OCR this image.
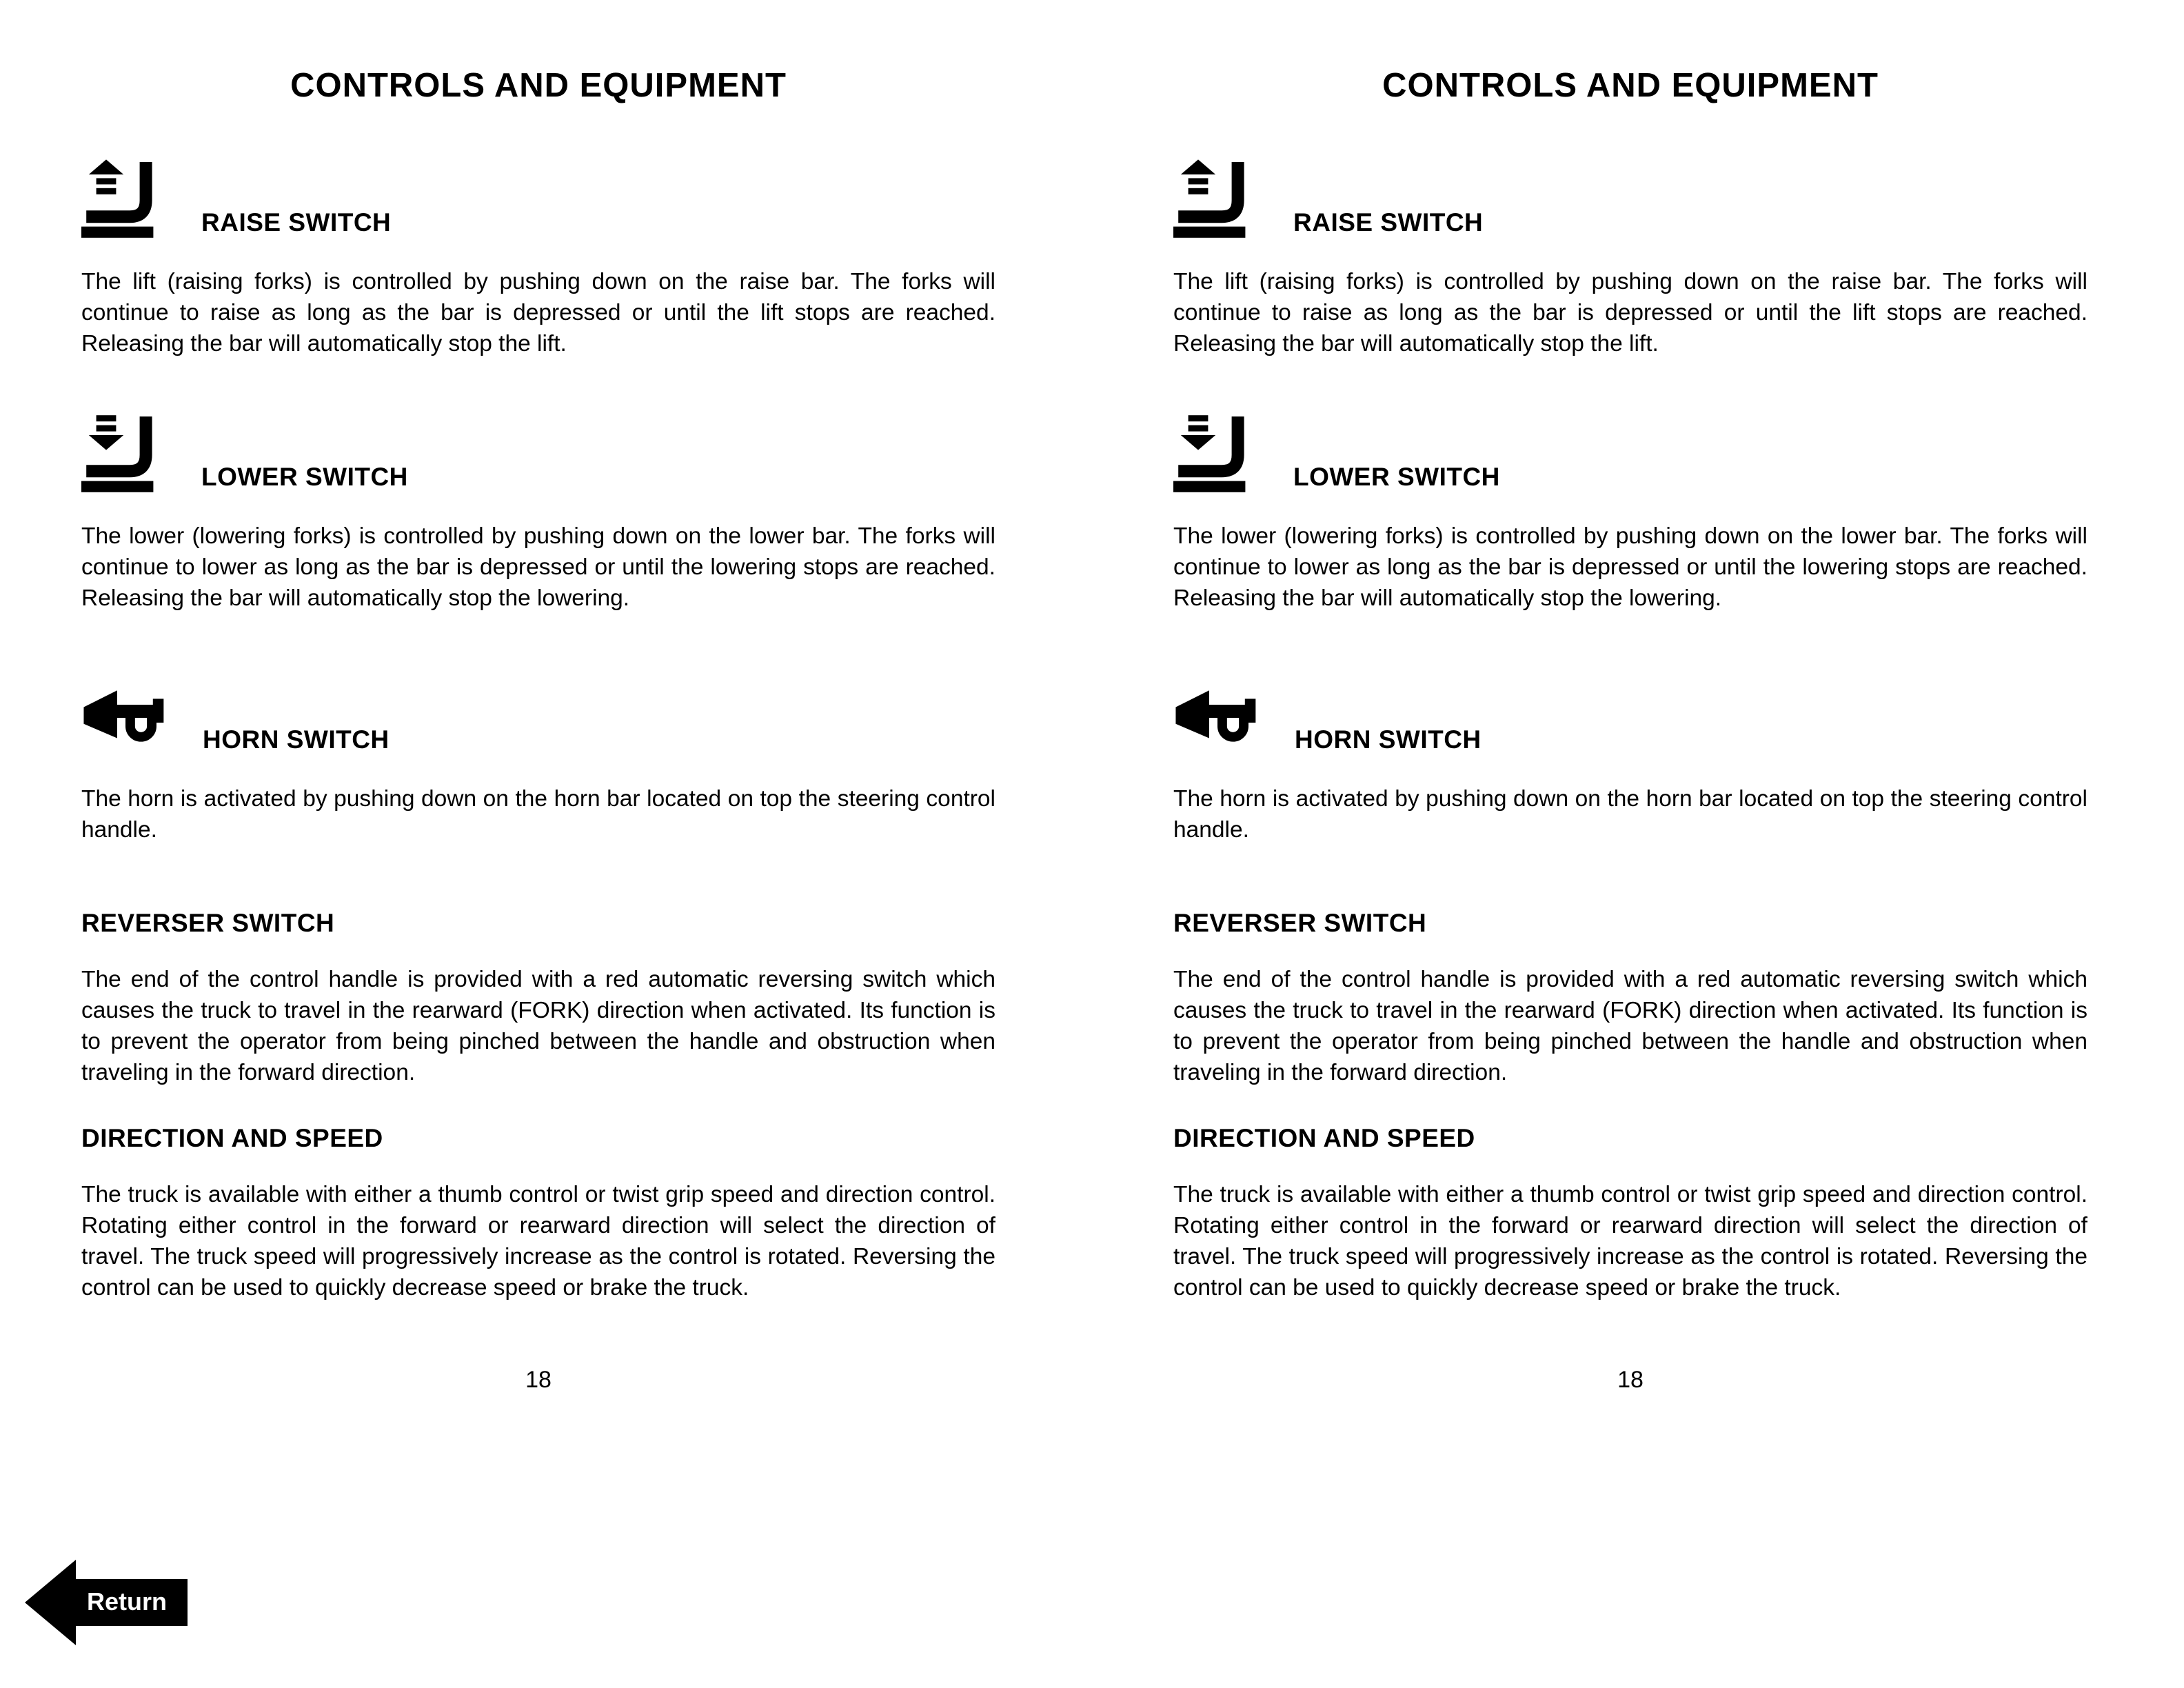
CONTROLS AND EQUIPMENT
RAISE SWITCH

The lift (raising forks) is controlled by pushing down on the raise bar. The forks will continue to raise as long as the bar is depressed or until the lift stops are reached. Releasing the bar will automatically stop the lift.

LOWER SWITCH

The lower (lowering forks) is controlled by pushing down on the lower bar. The forks will continue to lower as long as the bar is depressed or until the lowering stops are reached. Releasing the bar will automatically stop the lowering.

HORN SWITCH

The horn is activated by pushing down on the horn bar located on top the steering control handle.

REVERSER SWITCH

The end of the control handle is provided with a red automatic reversing switch which causes the truck to travel in the rearward (FORK) direction when activated. Its function is to prevent the operator from being pinched between the handle and obstruction when traveling in the forward direction.

DIRECTION AND SPEED

The truck is available with either a thumb control or twist grip speed and direction control. Rotating either control in the forward or rearward direction will select the direction of travel. The truck speed will progressively increase as the control is rotated. Reversing the control can be used to quickly decrease speed or brake the truck.

18
CONTROLS AND EQUIPMENT
RAISE SWITCH

The lift (raising forks) is controlled by pushing down on the raise bar. The forks will continue to raise as long as the bar is depressed or until the lift stops are reached. Releasing the bar will automatically stop the lift.

LOWER SWITCH

The lower (lowering forks) is controlled by pushing down on the lower bar. The forks will continue to lower as long as the bar is depressed or until the lowering stops are reached. Releasing the bar will automatically stop the lowering.

HORN SWITCH

The horn is activated by pushing down on the horn bar located on top the steering control handle.

REVERSER SWITCH

The end of the control handle is provided with a red automatic reversing switch which causes the truck to travel in the rearward (FORK) direction when activated. Its function is to prevent the operator from being pinched between the handle and obstruction when traveling in the forward direction.

DIRECTION AND SPEED

The truck is available with either a thumb control or twist grip speed and direction control. Rotating either control in the forward or rearward direction will select the direction of travel. The truck speed will progressively increase as the control is rotated. Reversing the control can be used to quickly decrease speed or brake the truck.

18
Return
